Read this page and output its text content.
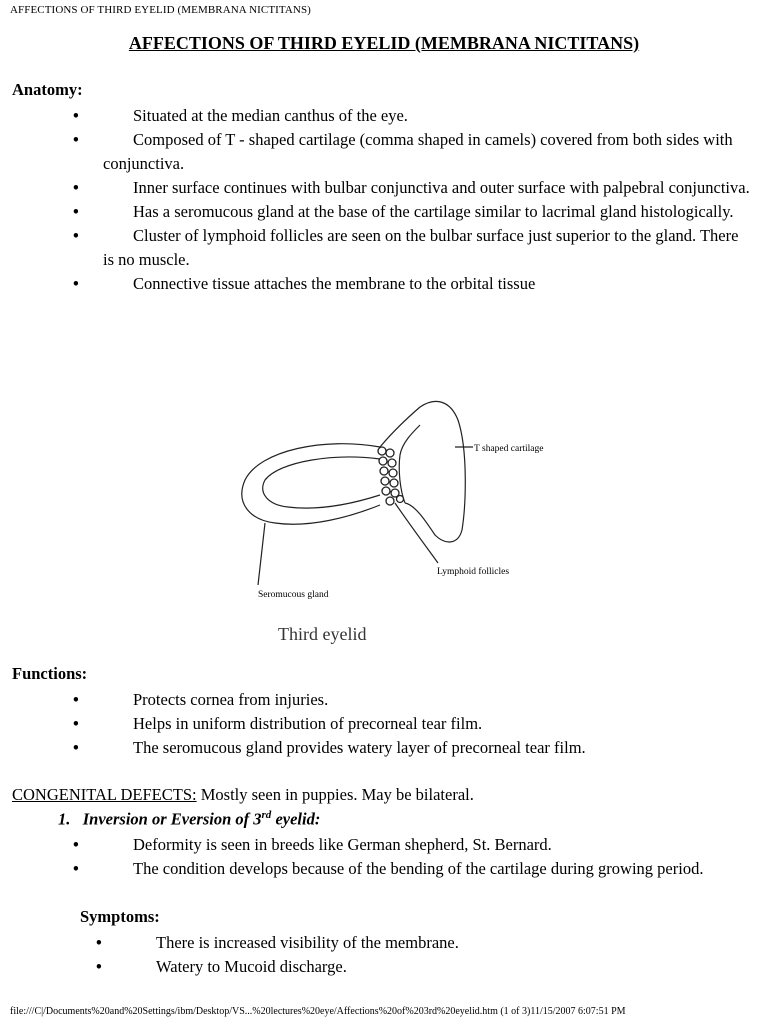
AFFECTIONS OF THIRD EYELID (MEMBRANA NICTITANS)
AFFECTIONS OF THIRD EYELID (MEMBRANA NICTITANS)
Anatomy:
•	Situated at the median canthus of the eye.
•	Composed of T - shaped cartilage (comma shaped in camels) covered from both sides with conjunctiva.
•	Inner surface continues with bulbar conjunctiva and outer surface with palpebral conjunctiva.
•	Has a seromucous gland at the base of the cartilage similar to lacrimal gland histologically.
•	Cluster of lymphoid follicles are seen on the bulbar surface just superior to the gland. There is no muscle.
•	Connective tissue attaches the membrane to the orbital tissue
T shaped cartilage
Lymphoid follicles
Seromucous gland
Third eyelid
Functions:
•	Protects cornea from injuries.
•	Helps in uniform distribution of precorneal tear film.
•	The seromucous gland provides watery layer of precorneal tear film.
CONGENITAL DEFECTS: Mostly seen in puppies. May be bilateral.
1. Inversion or Eversion of 3rd eyelid:
•	Deformity is seen in breeds like German shepherd, St. Bernard.
•	The condition develops because of the bending of the cartilage during growing period.
Symptoms:
•	There is increased visibility of the membrane.
•	Watery to Mucoid discharge.
file:///C|/Documents%20and%20Settings/ibm/Desktop/VS...%20lectures%20eye/Affections%20of%203rd%20eyelid.htm (1 of 3)11/15/2007 6:07:51 PM
